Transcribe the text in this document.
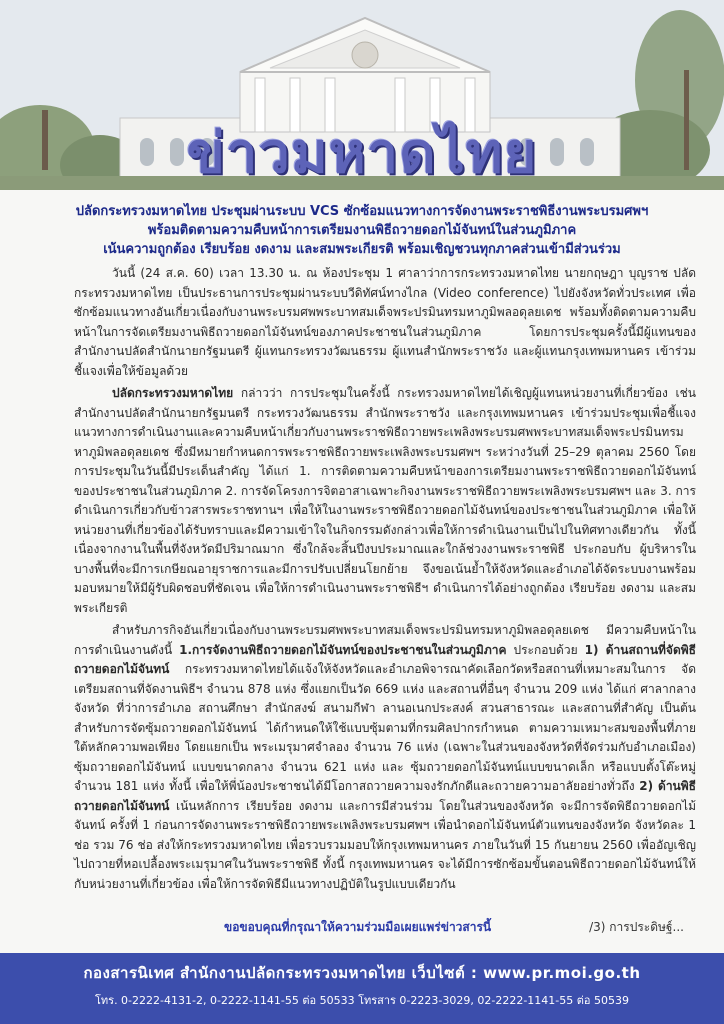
ข่าวมหาดไทย
ปลัดกระทรวงมหาดไทย ประชุมผ่านระบบ VCS ซักซ้อมแนวทางการจัดงานพระราชพิธีงานพระบรมศพฯ
พร้อมติดตามความคืบหน้าการเตรียมงานพิธีถวายดอกไม้จันทน์ในส่วนภูมิภาค
เน้นความถูกต้อง เรียบร้อย งดงาม และสมพระเกียรติ พร้อมเชิญชวนทุกภาคส่วนเข้ามีส่วนร่วม

วันนี้ (24 ส.ค. 60) เวลา 13.30 น. ณ ห้องประชุม 1 ศาลาว่าการกระทรวงมหาดไทย นายกฤษฎา บุญราช ปลัดกระทรวงมหาดไทย เป็นประธานการประชุมผ่านระบบวีดิทัศน์ทางไกล (Video conference) ไปยังจังหวัดทั่วประเทศ เพื่อซักซ้อมแนวทางอันเกี่ยวเนื่องกับงานพระบรมศพพระบาทสมเด็จพระปรมินทรมหาภูมิพลอดุลยเดช พร้อมทั้งติดตามความคืบหน้าในการจัดเตรียมงานพิธีถวายดอกไม้จันทน์ของภาคประชาชนในส่วนภูมิภาค โดยการประชุมครั้งนี้มีผู้แทนของสำนักงานปลัดสำนักนายกรัฐมนตรี ผู้แทนกระทรวงวัฒนธรรม ผู้แทนสำนักพระราชวัง และผู้แทนกรุงเทพมหานคร เข้าร่วมชี้แจงเพื่อให้ข้อมูลด้วย

ปลัดกระทรวงมหาดไทย กล่าวว่า การประชุมในครั้งนี้ กระทรวงมหาดไทยได้เชิญผู้แทนหน่วยงานที่เกี่ยวข้อง เช่น สำนักงานปลัดสำนักนายกรัฐมนตรี กระทรวงวัฒนธรรม สำนักพระราชวัง และกรุงเทพมหานคร เข้าร่วมประชุมเพื่อชี้แจงแนวทางการดำเนินงานและความคืบหน้าเกี่ยวกับงานพระราชพิธีถวายพระเพลิงพระบรมศพพระบาทสมเด็จพระปรมินทรมหาภูมิพลอดุลยเดช ซึ่งมีหมายกำหนดการพระราชพิธีถวายพระเพลิงพระบรมศพฯ ระหว่างวันที่ 25–29 ตุลาคม 2560 โดยการประชุมในวันนี้มีประเด็นสำคัญ ได้แก่ 1. การติดตามความคืบหน้าของการเตรียมงานพระราชพิธีถวายดอกไม้จันทน์ของประชาชนในส่วนภูมิภาค 2. การจัดโครงการจิตอาสาเฉพาะกิจงานพระราชพิธีถวายพระเพลิงพระบรมศพฯ และ 3. การดำเนินการเกี่ยวกับข้าวสารพระราชทานฯ เพื่อให้ในงานพระราชพิธีถวายดอกไม้จันทน์ของประชาชนในส่วนภูมิภาค เพื่อให้หน่วยงานที่เกี่ยวข้องได้รับทราบและมีความเข้าใจในกิจกรรมดังกล่าวเพื่อให้การดำเนินงานเป็นไปในทิศทางเดียวกัน ทั้งนี้เนื่องจากงานในพื้นที่จังหวัดมีปริมาณมาก ซึ่งใกล้จะสิ้นปีงบประมาณและใกล้ช่วงงานพระราชพิธี ประกอบกับ ผู้บริหารในบางพื้นที่จะมีการเกษียณอายุราชการและมีการปรับเปลี่ยนโยกย้าย จึงขอเน้นย้ำให้จังหวัดและอำเภอได้จัดระบบงานพร้อมมอบหมายให้มีผู้รับผิดชอบที่ชัดเจน เพื่อให้การดำเนินงานพระราชพิธีฯ ดำเนินการได้อย่างถูกต้อง เรียบร้อย งดงาม และสมพระเกียรติ

สำหรับภารกิจอันเกี่ยวเนื่องกับงานพระบรมศพพระบาทสมเด็จพระปรมินทรมหาภูมิพลอดุลยเดช มีความคืบหน้าในการดำเนินงานดังนี้ 1.การจัดงานพิธีถวายดอกไม้จันทน์ของประชาชนในส่วนภูมิภาค ประกอบด้วย 1) ด้านสถานที่จัดพิธีถวายดอกไม้จันทน์ กระทรวงมหาดไทยได้แจ้งให้จังหวัดและอำเภอพิจารณาคัดเลือกวัดหรือสถานที่เหมาะสมในการ จัดเตรียมสถานที่จัดงานพิธีฯ จำนวน 878 แห่ง ซึ่งแยกเป็นวัด 669 แห่ง และสถานที่อื่นๆ จำนวน 209 แห่ง ได้แก่ ศาลากลางจังหวัด ที่ว่าการอำเภอ สถานศึกษา สำนักสงฆ์ สนามกีฬา ลานอเนกประสงค์ สวนสาธารณะ และสถานที่สำคัญ เป็นต้น สำหรับการจัดซุ้มถวายดอกไม้จันทน์ ได้กำหนดให้ใช้แบบซุ้มตามที่กรมศิลปากรกำหนด ตามความเหมาะสมของพื้นที่ภายใต้หลักความพอเพียง โดยแยกเป็น พระเมรุมาศจำลอง จำนวน 76 แห่ง (เฉพาะในส่วนของจังหวัดที่จัดร่วมกับอำเภอเมือง) ซุ้มถวายดอกไม้จันทน์ แบบขนาดกลาง จำนวน 621 แห่ง และ ซุ้มถวายดอกไม้จันทน์แบบขนาดเล็ก หรือแบบตั้งโต๊ะหมู่ จำนวน 181 แห่ง ทั้งนี้ เพื่อให้พี่น้องประชาชนได้มีโอกาสถวายความจงรักภักดีและถวายความอาลัยอย่างทั่วถึง 2) ด้านพิธีถวายดอกไม้จันทน์ เน้นหลักการ เรียบร้อย งดงาม และการมีส่วนร่วม โดยในส่วนของจังหวัด จะมีการจัดพิธีถวายดอกไม้จันทน์ ครั้งที่ 1 ก่อนการจัดงานพระราชพิธีถวายพระเพลิงพระบรมศพฯ เพื่อนำดอกไม้จันทน์ตัวแทนของจังหวัด จังหวัดละ 1 ช่อ รวม 76 ช่อ ส่งให้กระทรวงมหาดไทย เพื่อรวบรวมมอบให้กรุงเทพมหานคร ภายในวันที่ 15 กันยายน 2560 เพื่ออัญเชิญไปถวายที่หอเปลื้องพระเมรุมาศในวันพระราชพิธี ทั้งนี้ กรุงเทพมหานคร จะได้มีการซักซ้อมขั้นตอนพิธีถวายดอกไม้จันทน์ให้กับหน่วยงานที่เกี่ยวข้อง เพื่อให้การจัดพิธีมีแนวทางปฏิบัติในรูปแบบเดียวกัน

ขอขอบคุณที่กรุณาให้ความร่วมมือเผยแพร่ข่าวสารนี้	/3) การประดิษฐ์...
กองสารนิเทศ สำนักงานปลัดกระทรวงมหาดไทย เว็บไซต์ : www.pr.moi.go.th
โทร. 0-2222-4131-2, 0-2222-1141-55 ต่อ 50533 โทรสาร 0-2223-3029, 02-2222-1141-55 ต่อ 50539
